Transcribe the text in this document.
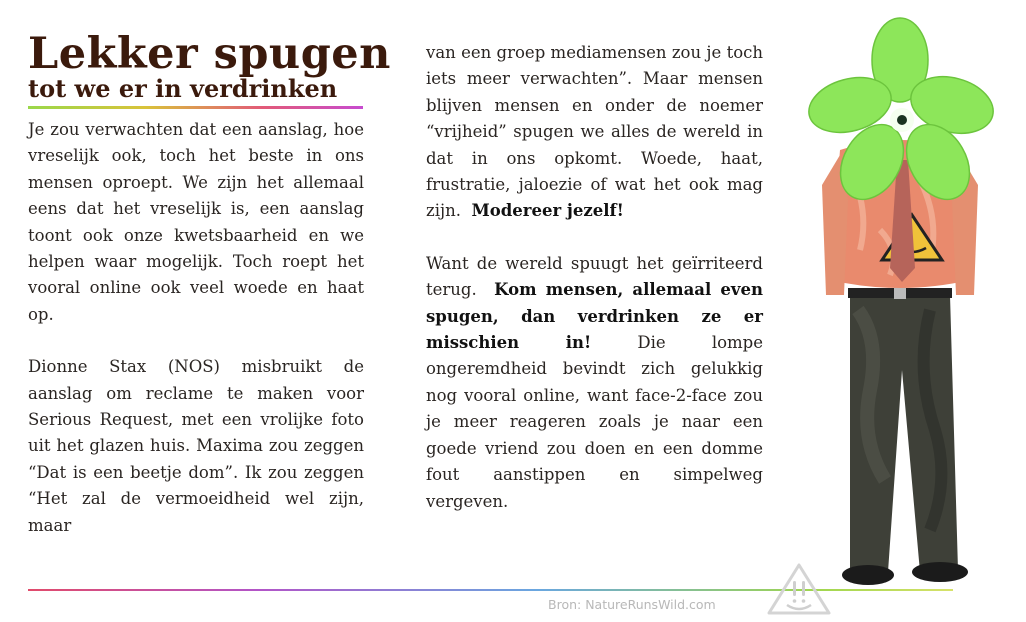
Lekker spugen
tot we er in verdrinken

Je zou verwachten dat een aanslag, hoe vreselijk ook, toch het beste in ons mensen oproept. We zijn het allemaal eens dat het vreselijk is, een aanslag toont ook onze kwetsbaarheid en we helpen waar mogelijk. Toch roept het vooral online ook veel woede en haat op.

Dionne Stax (NOS) misbruikt de aanslag om reclame te maken voor Serious Request, met een vrolijke foto uit het glazen huis. Maxima zou zeggen “Dat is een beetje dom”. Ik zou zeggen “Het zal de vermoeidheid wel zijn, maar

van een groep mediamensen zou je toch iets meer verwachten”. Maar mensen blijven mensen en onder de noemer “vrijheid” spugen we alles de wereld in dat in ons opkomt. Woede, haat, frustratie, jaloezie of wat het ook mag zijn. Modereer jezelf!

Want de wereld spuugt het geïrriteerd terug. Kom mensen, allemaal even spugen, dan verdrinken ze er misschien in!	Die lompe ongeremdheid bevindt zich gelukkig nog vooral online, want face-2-face zou je meer reageren zoals je naar een goede vriend zou doen en een domme fout aanstippen en simpelweg vergeven.

Bron: NatureRunsWild.com
